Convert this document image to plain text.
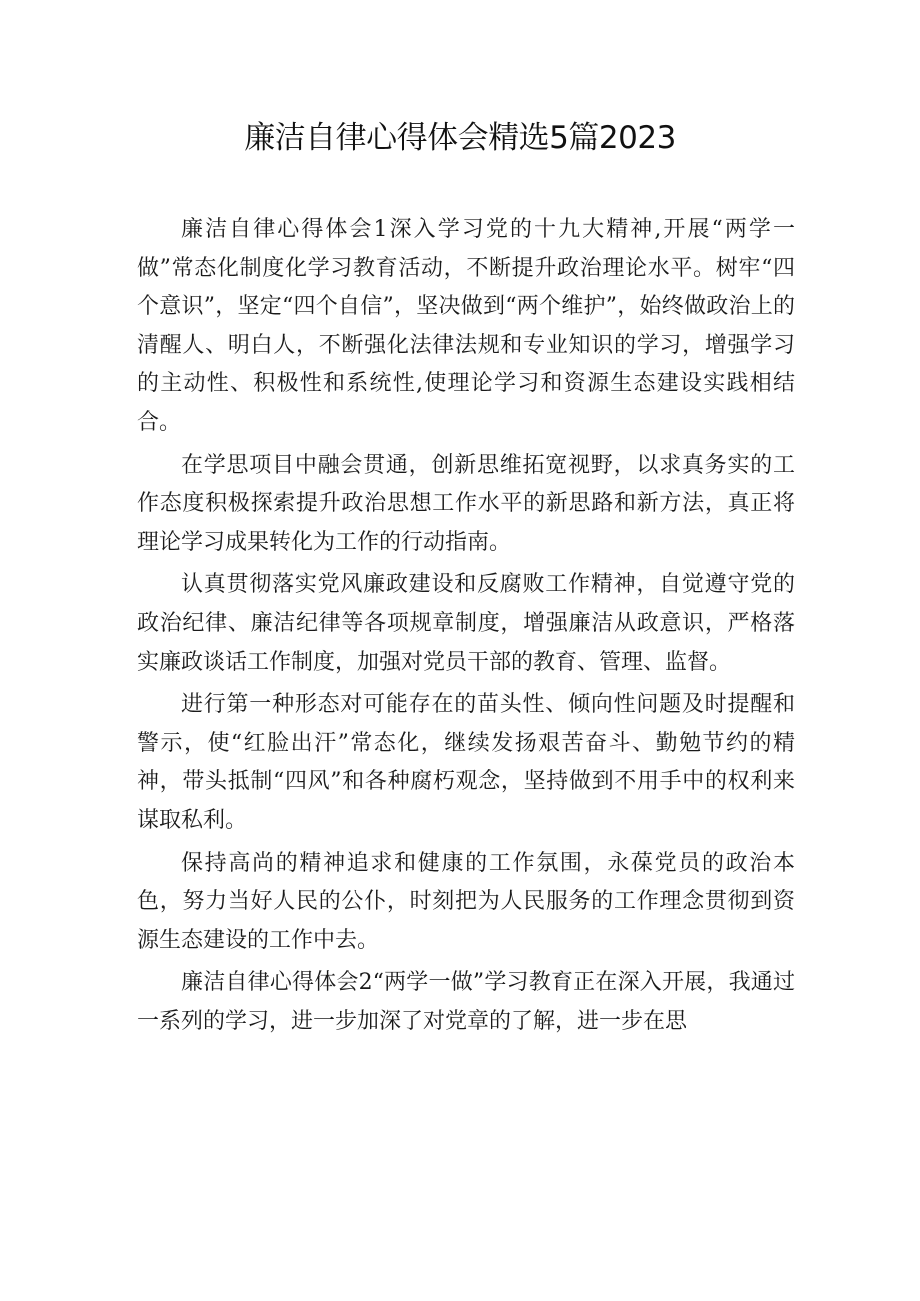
廉洁自律心得体会精选5篇2023

廉洁自律心得体会1深入学习党的十九大精神,开展“两学一做”常态化制度化学习教育活动，不断提升政治理论水平。树牢“四个意识”，坚定“四个自信”，坚决做到“两个维护”，始终做政治上的清醒人、明白人，不断强化法律法规和专业知识的学习，增强学习的主动性、积极性和系统性,使理论学习和资源生态建设实践相结合。

在学思项目中融会贯通，创新思维拓宽视野，以求真务实的工作态度积极探索提升政治思想工作水平的新思路和新方法，真正将理论学习成果转化为工作的行动指南。

认真贯彻落实党风廉政建设和反腐败工作精神，自觉遵守党的政治纪律、廉洁纪律等各项规章制度，增强廉洁从政意识，严格落实廉政谈话工作制度，加强对党员干部的教育、管理、监督。

进行第一种形态对可能存在的苗头性、倾向性问题及时提醒和警示，使“红脸出汗”常态化，继续发扬艰苦奋斗、勤勉节约的精神，带头抵制“四风”和各种腐朽观念，坚持做到不用手中的权利来谋取私利。

保持高尚的精神追求和健康的工作氛围，永葆党员的政治本色，努力当好人民的公仆，时刻把为人民服务的工作理念贯彻到资源生态建设的工作中去。

廉洁自律心得体会2“两学一做”学习教育正在深入开展，我通过一系列的学习，进一步加深了对党章的了解，进一步在思
